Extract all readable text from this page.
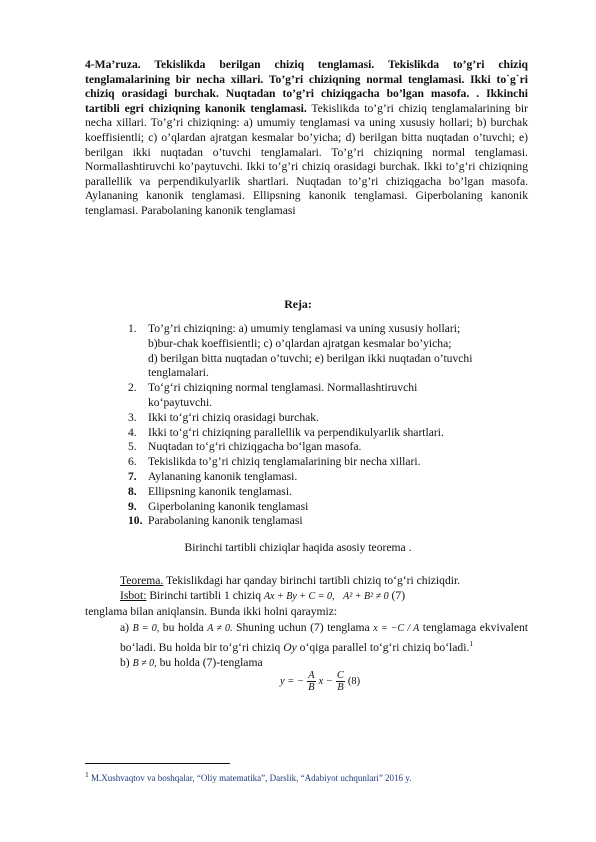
4-Ma’ruza. Tekislikda berilgan chiziq tenglamasi. Tekislikda to’g’ri chiziq tenglamalarining bir necha xillari. To’g’ri chiziqning normal tenglamasi. Ikki to`g`ri chiziq orasidagi burchak. Nuqtadan to’g’ri chiziqgacha bo’lgan masofa. . Ikkinchi tartibli egri chiziqning kanonik tenglamasi. Tekislikda to’g’ri chiziq tenglamalarining bir necha xillari. To’g’ri chiziqning: a) umumiy tenglamasi va uning xususiy hollari; b) burchak koeffisientli; c) o’qlardan ajratgan kesmalar bo’yicha; d) berilgan bitta nuqtadan o’tuvchi; e) berilgan ikki nuqtadan o’tuvchi tenglamalari. To’g’ri chiziqning normal tenglamasi. Normallashtiruvchi ko’paytuvchi. Ikki to’g’ri chiziq orasidagi burchak. Ikki to’g’ri chiziqning parallellik va perpendikulyarlik shartlari. Nuqtadan to’g’ri chiziqgacha bo’lgan masofa. Aylananing kanonik tenglamasi. Ellipsning kanonik tenglamasi. Giperbolaning kanonik tenglamasi. Parabolaning kanonik tenglamasi
Reja:
1. To’g’ri chiziqning: a) umumiy tenglamasi va uning xususiy hollari;
b)bur-chak koeffisientli; c) o’qlardan ajratgan kesmalar bo’yicha;
d) berilgan bitta nuqtadan o’tuvchi; e) berilgan ikki nuqtadan o’tuvchi
tenglamalari.
2. To‘g‘ri chiziqning normal tenglamasi. Normallashtiruvchi
ko‘paytuvchi.
3. Ikki to‘g‘ri chiziq orasidagi burchak.
4. Ikki to‘g‘ri chiziqning parallellik va perpendikulyarlik shartlari.
5. Nuqtadan to‘g‘ri chiziqgacha bo‘lgan masofa.
6. Tekislikda to’g’ri chiziq tenglamalarining bir necha xillari.
7. Aylananing kanonik tenglamasi.
8. Ellipsning kanonik tenglamasi.
9. Giperbolaning kanonik tenglamasi
10. Parabolaning kanonik tenglamasi
Birinchi tartibli chiziqlar haqida asosiy teorema .
Teorema. Tekislikdagi har qanday birinchi tartibli chiziq to‘g‘ri chiziqdir.
Isbot: Birinchi tartibli 1 chiziq Ax + By + C = 0, A² + B² ≠ 0 (7)
tenglama bilan aniqlansin. Bunda ikki holni qaraymiz:
a) B = 0, bu holda A ≠ 0. Shuning uchun (7) tenglama x = −C / A tenglamaga ekvivalent bo‘ladi. Bu holda bir to‘g‘ri chiziq Oy o‘qiga parallel to‘g‘ri chiziq bo‘ladi.$^1$
b) B ≠ 0, bu holda (7)-tenglama
y = − $\frac{A}{B}$ $x - \frac{C}{B} (8)$
$^1$ M.Xushvaqtov va boshqalar, “Oliy matematika”, Darslik, “Adabiyot uchqunlari” 2016 y.
